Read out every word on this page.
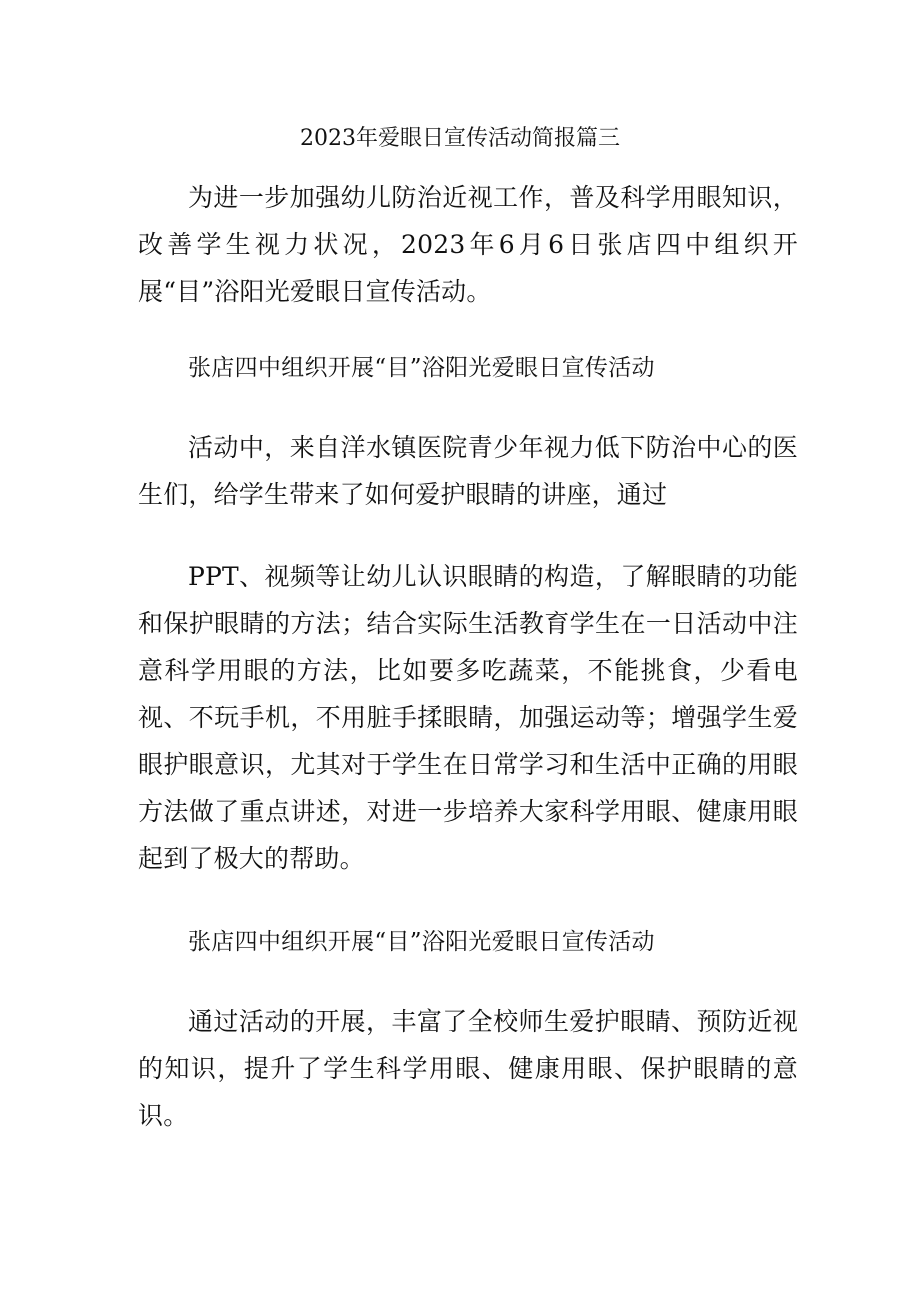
2023年爱眼日宣传活动简报篇三

为进一步加强幼儿防治近视工作，普及科学用眼知识，改善学生视力状况，2023年6月6日张店四中组织开展“目”浴阳光爱眼日宣传活动。

张店四中组织开展“目”浴阳光爱眼日宣传活动

活动中，来自洋水镇医院青少年视力低下防治中心的医生们，给学生带来了如何爱护眼睛的讲座，通过

PPT、视频等让幼儿认识眼睛的构造，了解眼睛的功能和保护眼睛的方法；结合实际生活教育学生在一日活动中注意科学用眼的方法，比如要多吃蔬菜，不能挑食，少看电视、不玩手机，不用脏手揉眼睛，加强运动等；增强学生爱眼护眼意识，尤其对于学生在日常学习和生活中正确的用眼方法做了重点讲述，对进一步培养大家科学用眼、健康用眼起到了极大的帮助。

张店四中组织开展“目”浴阳光爱眼日宣传活动

通过活动的开展，丰富了全校师生爱护眼睛、预防近视的知识，提升了学生科学用眼、健康用眼、保护眼睛的意识。
